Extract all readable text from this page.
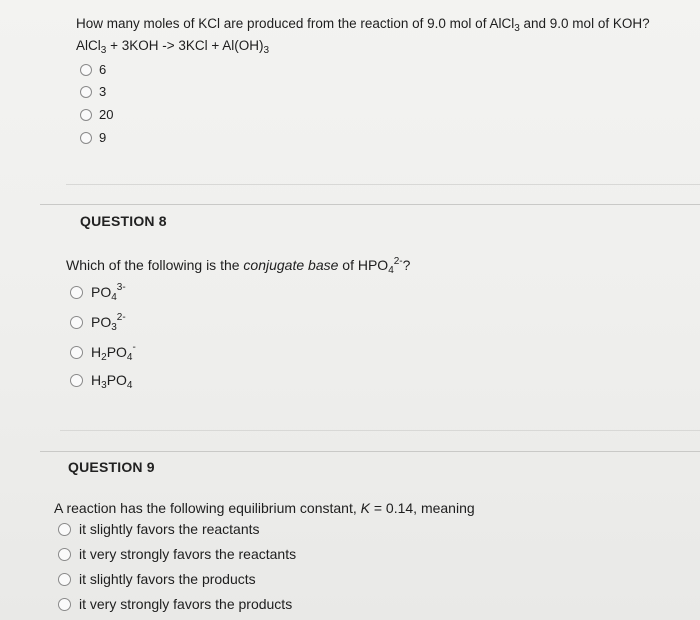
How many moles of KCl are produced from the reaction of 9.0 mol of AlCl$_3$ and 9.0 mol of KOH?
AlCl$_3$ + $3KOH -> 3KCl + Al(OH)_3$
6
3
20
9
QUESTION 8
Which of the following is the conjugate base of $HPO_4^{2-}$?
$PO_4^{3-}$
$PO_3^{2-}$
$H_2PO_4^-$
$H_3PO_4$
QUESTION 9
A reaction has the following equilibrium constant, K = 0.14, meaning
it slightly favors the reactants
it very strongly favors the reactants
it slightly favors the products
it very strongly favors the products
